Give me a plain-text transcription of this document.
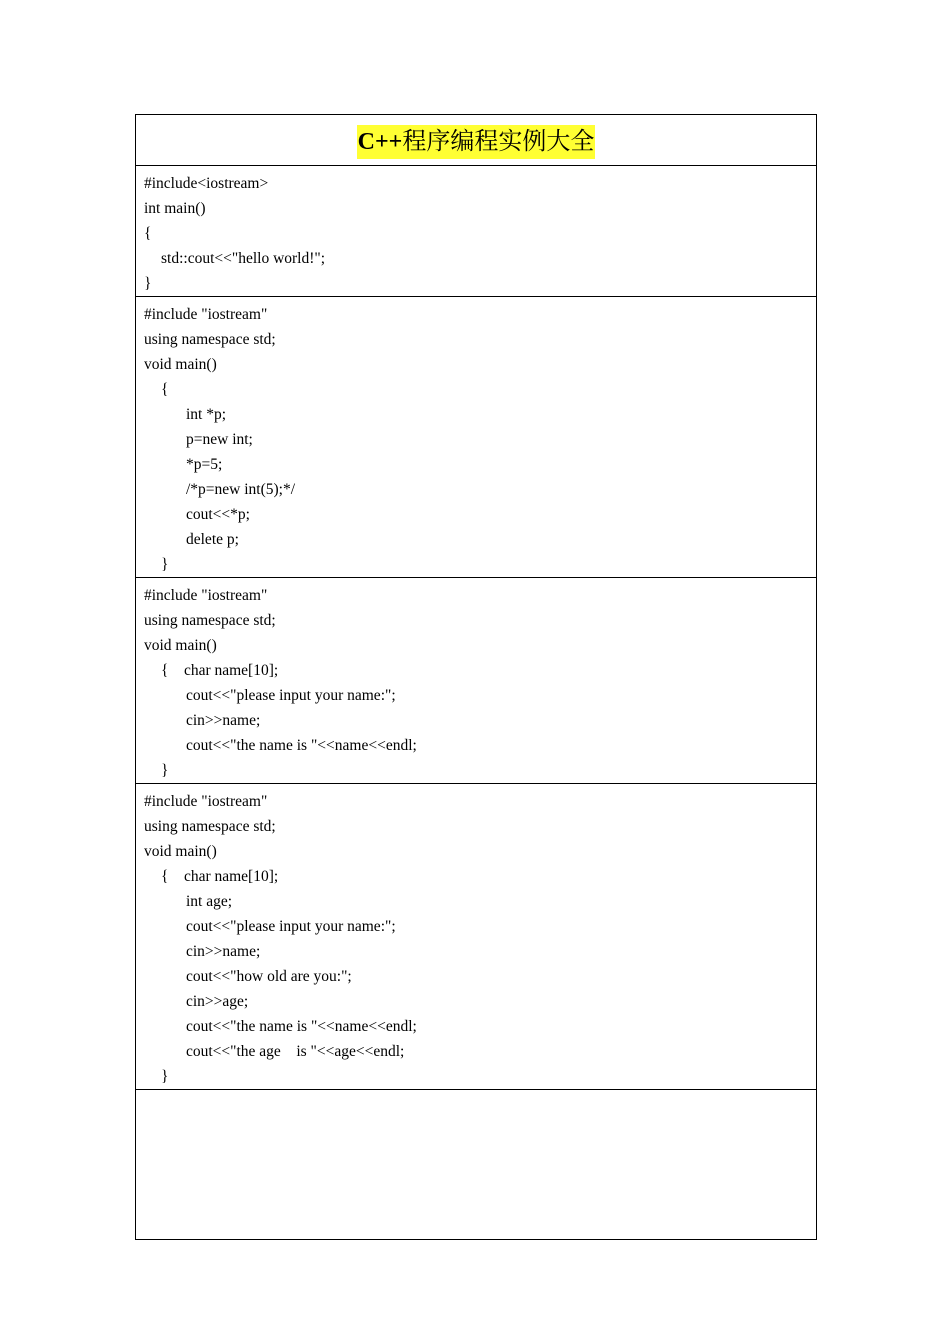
C++程序编程实例大全

#include<iostream>
int main()
{
std::cout<<"hello world!";
}

#include "iostream"
using namespace std;
void main()
{
int *p;
p=new int;
*p=5;
/*p=new int(5);*/
cout<<*p;
delete p;
}

#include "iostream"
using namespace std;
void main()
{    char name[10];
cout<<"please input your name:";
cin>>name;
cout<<"the name is "<<name<<endl;
}

#include "iostream"
using namespace std;
void main()
{    char name[10];
int age;
cout<<"please input your name:";
cin>>name;
cout<<"how old are you:";
cin>>age;
cout<<"the name is "<<name<<endl;
cout<<"the age    is "<<age<<endl;
}
